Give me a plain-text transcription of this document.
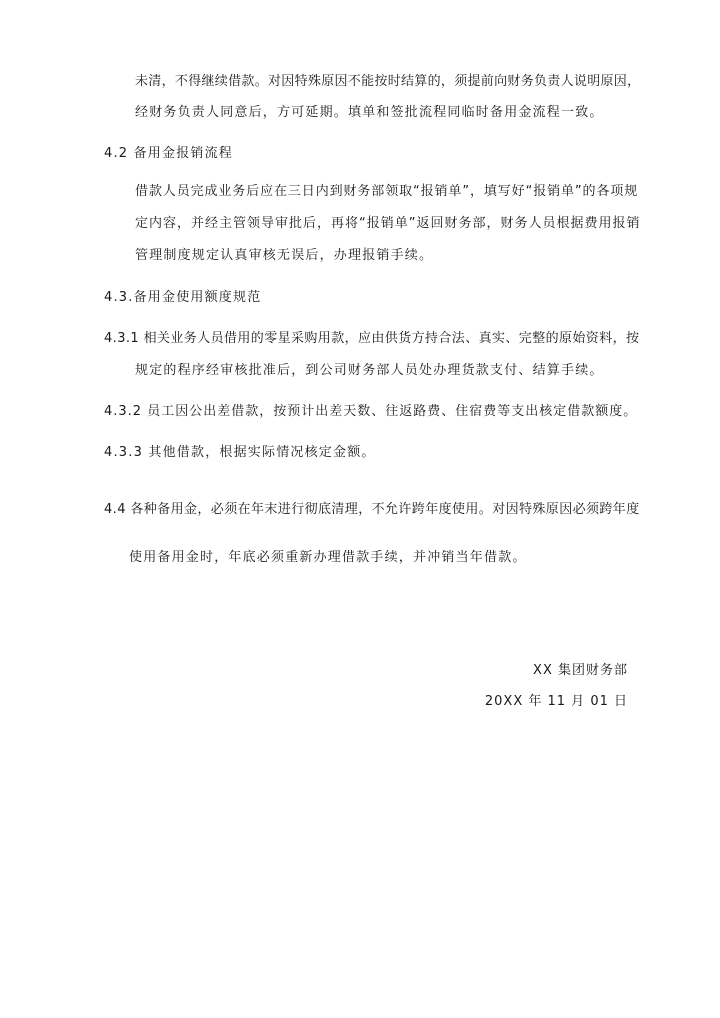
未清，不得继续借款。对因特殊原因不能按时结算的，须提前向财务负责人说明原因，
经财务负责人同意后，方可延期。填单和签批流程同临时备用金流程一致。
4.2 备用金报销流程
借款人员完成业务后应在三日内到财务部领取“报销单”，填写好“报销单”的各项规
定内容，并经主管领导审批后，再将“报销单”返回财务部，财务人员根据费用报销
管理制度规定认真审核无误后，办理报销手续。
4.3.备用金使用额度规范
4.3.1 相关业务人员借用的零星采购用款，应由供货方持合法、真实、完整的原始资料，按
规定的程序经审核批准后，到公司财务部人员处办理货款支付、结算手续。
4.3.2 员工因公出差借款，按预计出差天数、往返路费、住宿费等支出核定借款额度。
4.3.3 其他借款，根据实际情况核定金额。
4.4 各种备用金，必须在年末进行彻底清理，不允许跨年度使用。对因特殊原因必须跨年度
使用备用金时，年底必须重新办理借款手续，并冲销当年借款。
XX 集团财务部
20XX 年 11 月 01 日
